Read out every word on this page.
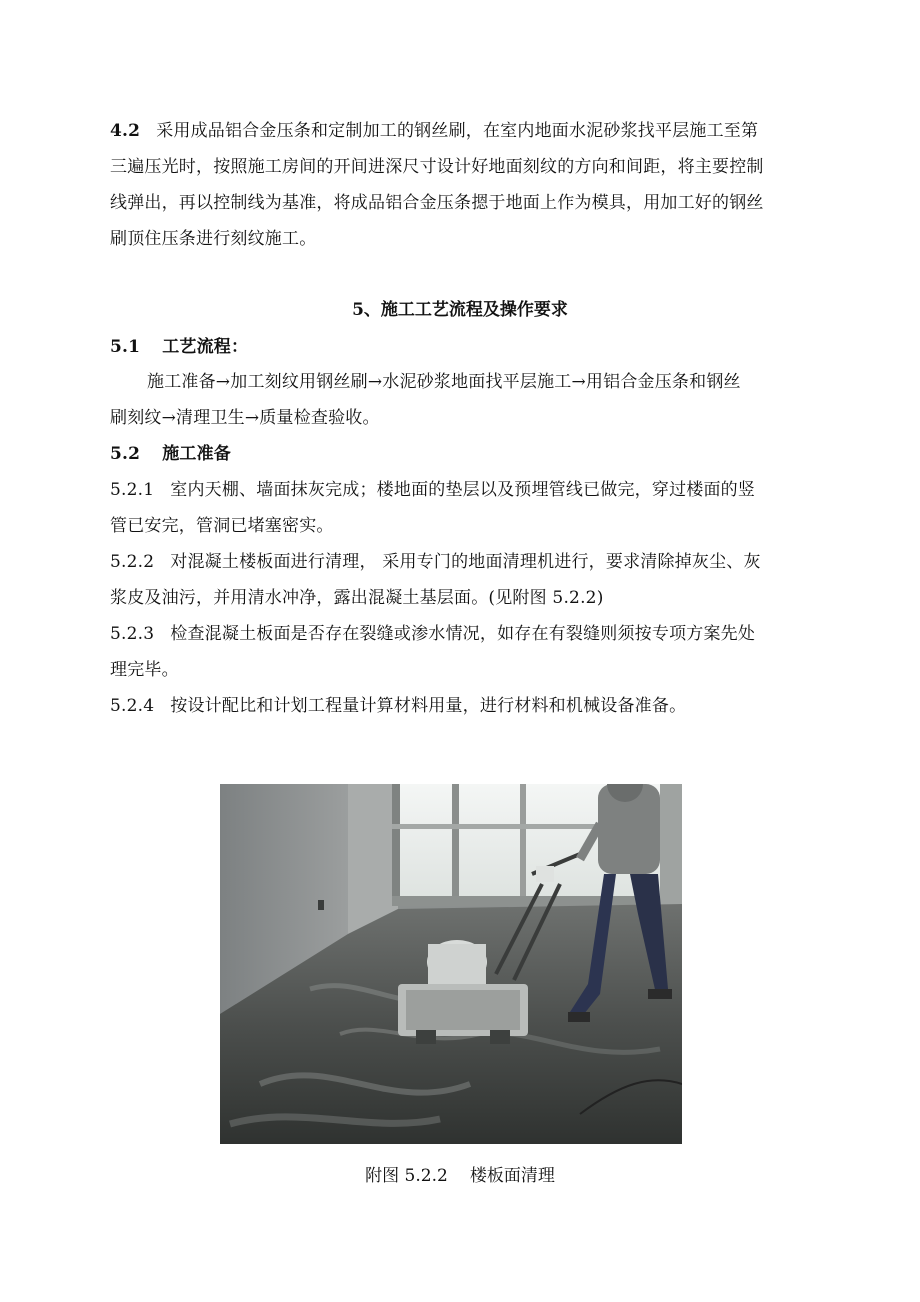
4.2 采用成品铝合金压条和定制加工的钢丝刷，在室内地面水泥砂浆找平层施工至第
三遍压光时，按照施工房间的开间进深尺寸设计好地面刻纹的方向和间距，将主要控制
线弹出，再以控制线为基准，将成品铝合金压条摁于地面上作为模具，用加工好的钢丝
刷顶住压条进行刻纹施工。
5、施工工艺流程及操作要求
5.1 工艺流程：
施工准备→加工刻纹用钢丝刷→水泥砂浆地面找平层施工→用铝合金压条和钢丝
刷刻纹→清理卫生→质量检查验收。
5.2 施工准备
5.2.1 室内天棚、墙面抹灰完成；楼地面的垫层以及预埋管线已做完，穿过楼面的竖
管已安完，管洞已堵塞密实。
5.2.2 对混凝土楼板面进行清理， 采用专门的地面清理机进行，要求清除掉灰尘、灰
浆皮及油污，并用清水冲净，露出混凝土基层面。(见附图 5.2.2)
5.2.3 检查混凝土板面是否存在裂缝或渗水情况，如存在有裂缝则须按专项方案先处
理完毕。
5.2.4 按设计配比和计划工程量计算材料用量，进行材料和机械设备准备。
附图 5.2.2 楼板面清理
